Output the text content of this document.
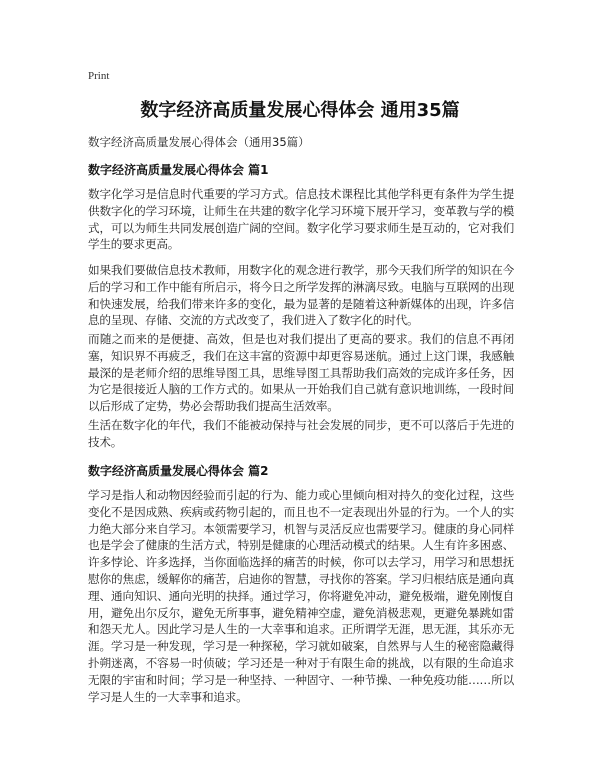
Print
数字经济高质量发展心得体会 通用35篇
数字经济高质量发展心得体会（通用35篇）
数字经济高质量发展心得体会 篇1

数字化学习是信息时代重要的学习方式。信息技术课程比其他学科更有条件为学生提供数字化的学习环境，让师生在共建的数字化学习环境下展开学习，变革教与学的模式，可以为师生共同发展创造广阔的空间。数字化学习要求师生是互动的，它对我们学生的要求更高。

如果我们要做信息技术教师，用数字化的观念进行教学，那今天我们所学的知识在今后的学习和工作中能有所启示，将今日之所学发挥的淋漓尽致。电脑与互联网的出现和快速发展，给我们带来许多的变化，最为显著的是随着这种新媒体的出现，许多信息的呈现、存储、交流的方式改变了，我们进入了数字化的时代。

而随之而来的是便捷、高效，但是也对我们提出了更高的要求。我们的信息不再闭塞，知识界不再疲乏，我们在这丰富的资源中却更容易迷航。通过上这门课，我感触最深的是老师介绍的思维导图工具，思维导图工具帮助我们高效的完成许多任务，因为它是很接近人脑的工作方式的。如果从一开始我们自己就有意识地训练，一段时间以后形成了定势，势必会帮助我们提高生活效率。

生活在数字化的年代，我们不能被动保持与社会发展的同步，更不可以落后于先进的技术。

数字经济高质量发展心得体会 篇2

学习是指人和动物因经验而引起的行为、能力或心里倾向相对持久的变化过程，这些变化不是因成熟、疾病或药物引起的，而且也不一定表现出外显的行为。一个人的实力绝大部分来自学习。本领需要学习，机智与灵活反应也需要学习。健康的身心同样也是学会了健康的生活方式，特别是健康的心理活动模式的结果。人生有许多困惑、许多悖论、许多选择，当你面临选择的痛苦的时候，你可以去学习，用学习和思想抚慰你的焦虑，缓解你的痛苦，启迪你的智慧，寻找你的答案。学习归根结底是通向真理、通向知识、通向光明的抉择。通过学习，你将避免冲动，避免极端，避免刚愎自用，避免出尔反尔，避免无所事事，避免精神空虚，避免消极悲观，更避免暴跳如雷和怨天尤人。因此学习是人生的一大幸事和追求。正所谓学无涯，思无涯，其乐亦无涯。学习是一种发现，学习是一种探秘，学习就如破案，自然界与人生的秘密隐藏得扑朔迷离，不容易一时侦破；学习还是一种对于有限生命的挑战，以有限的生命追求无限的宇宙和时间；学习是一种坚持、一种固守、一种节操、一种免疫功能……所以学习是人生的一大幸事和追求。
